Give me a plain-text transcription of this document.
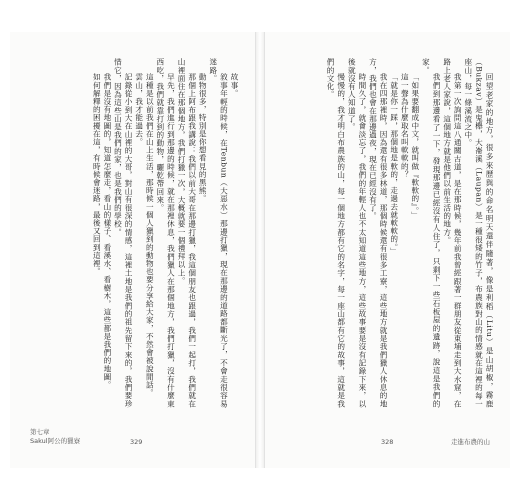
故事。

敘事年輕的時候，在Tenbun（大惡水）那邊打獵，現在那邊的道路都斷光了，不會走很容易迷路。

動物很多，特別是你想看見的黑熊。

那個上阿布跟我講說：我們以前大哥在那邊打獵，我這個朋友也跟過，我們一起打，我們就在山裡面住在那個地方，我們打獵一次，大概就要一個禮拜以上。

早先，我們進行到那邊的時候，就在那裡休息，我們獵人在那個地方，我們打獵，沒有什麼東西吃，我們就靠打到的動物，曬乾帶回來。

這種是以前我們在山上生活，那時候一個人獵到的動物也要分享給大家，不然會被說閒話。

雲山，我才能過去。

記錄從小到大在山裡的大哥，對山有很深的情感，這裡土地是我們的祖先留下來的，我們要珍惜它，因為這些山是我們的家，也是我們的學校。

我們是沒有地圖的，知道怎麼走，看山的樣子、看溪水、看樹木，這些都是我們的地圖。

如何解釋的困擾在這，有時候會迷路，最後又回到這裡。

第七章
Sakul阿公的獵寮	329

回望老家的地方，很多來歷與的命名明天還伴隨著，像是利稻（Litu）是山胡椒，霧鹿（Bukzav）是鬼櫸，大崙溪（Laupan）是一種很矮的竹子，布農族對山的情感就在這裡的每一座山，每一條溪流之中。

我第一次詢問這八通關古道，是在那時候，幾年前我曾經跟著一群朋友從東埔走到大水窟，在路上老人家說，這個地方就是他們以前生活的地方。

我們到那邊看了一下，發現那邊已經沒有人住了，只剩下一些石板屋的遺跡，說這是我們的家。

「如果要翻成中文，就叫做『軟軟的』。」

這一聲為什麼取名叫軟軟的？

「就是你一踩，那個地是軟的，走過去就軟軟的。」

我在四那裡時，因為還有很多林道，那個時候還有很多工寮，這些地方就是我們獵人休息的地方，我們也會在那邊過夜，現在已經沒有了。

時間久了，就會淡忘了，我們的年輕人也不太知道這些地方，這些故事要是沒有記錄下來，以後就沒有人知道了。

慢慢的，我才明白布農族的山，每一個地方都有它的名字，每一座山都有它的故事，這就是我們的文化。

328	走進布農的山
